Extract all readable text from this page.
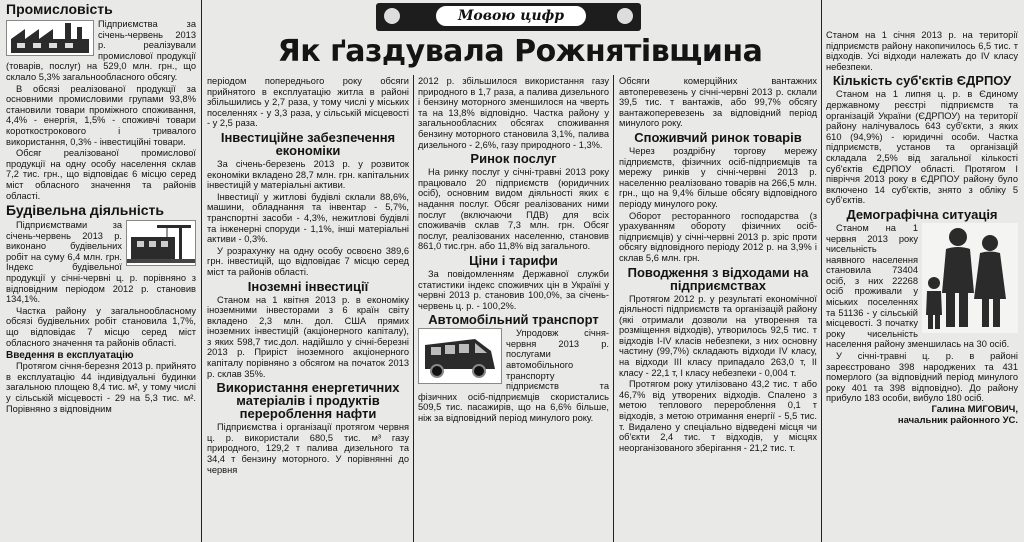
Мовою цифр
Як ґаздувала Рожнятівщина
Промисловість

Підприємства за січень-червень 2013 р. реалізували промислової продукції (товарів, послуг) на 529,0 млн. грн., що склало 5,3% загальнообласного обсягу.

В обсязі реалізованої продукції за основними промисловими групами 93,8% становили товари проміжного споживання, 4,4% - енергія, 1,5% - споживчі товари короткострокового і тривалого використання, 0,3% - інвестиційні товари.

Обсяг реалізованої промислової продукції на одну особу населення склав 7,2 тис. грн., що відповідає 6 місцю серед міст обласного значення та районів області.

Будівельна діяльність

Підприємствами за січень-червень 2013 р. виконано будівельних робіт на суму 6,4 млн. грн. Індекс будівельної продукції у січні-червні ц. р. порівняно з відповідним періодом 2012 р. становив 134,1%.

Частка району у загальнообласному обсязі будівельних робіт становила 1,7%, що відповідає 7 місцю серед міст обласного значення та районів області.

Введення в експлуатацію

Протягом січня-березня 2013 р. прийнято в експлуатацію 44 індивідуальні будинки загальною площею 8,4 тис. м², у тому числі у сільській місцевості - 29 на 5,3 тис. м². Порівняно з відповідним

періодом попереднього року обсяги прийнятого в експлуатацію житла в районі збільшились у 2,7 раза, у тому числі у міських поселеннях - у 3,3 раза, у сільській місцевості - у 2,5 раза.

Інвестиційне забезпечення економіки

За січень-березень 2013 р. у розвиток економіки вкладено 28,7 млн. грн. капітальних інвестицій у матеріальні активи.

Інвестиції у житлові будівлі склали 88,6%, машини, обладнання та інвентар - 5,7%, транспортні засоби - 4,3%, нежитлові будівлі та інженерні споруди - 1,1%, інші матеріальні активи - 0,3%.

У розрахунку на одну особу освоєно 389,6 грн. інвестицій, що відповідає 7 місцю серед міст та районів області.

Іноземні інвестиції

Станом на 1 квітня 2013 р. в економіку іноземними інвесторами з 6 країн світу вкладено 2,3 млн. дол. США прямих іноземних інвестицій (акціонерного капіталу), з яких 598,7 тис.дол. надійшло у січні-березні 2013 р. Приріст іноземного акціонерного капіталу порівняно з обсягом на початок 2013 р. склав 35%.

Використання енергетичних матеріалів і продуктів перероблення нафти

Підприємства і організації протягом червня ц. р. використали 680,5 тис. м³ газу природного, 129,2 т палива дизельного та 34,4 т бензину моторного. У порівнянні до червня

2012 р. збільшилося використання газу природного в 1,7 раза, а палива дизельного і бензину моторного зменшилося на чверть та на 13,8% відповідно. Частка району у загальнообласних обсягах споживання бензину моторного становила 3,1%, палива дизельного - 2,6%, газу природного - 1,3%.

Ринок послуг

На ринку послуг у січні-травні 2013 року працювало 20 підприємств (юридичних осіб), основним видом діяльності яких є надання послуг. Обсяг реалізованих ними послуг (включаючи ПДВ) для всіх споживачів склав 7,3 млн. грн. Обсяг послуг, реалізованих населенню, становив 861,0 тис.грн. або 11,8% від загального.

Ціни і тарифи

За повідомленням Державної служби статистики індекс споживчих цін в Україні у червні 2013 р. становив 100,0%, за січень-червень ц. р. - 100,2%.

Автомобільний транспорт

Упродовж січня-червня 2013 р. послугами автомобільного транспорту підприємств та фізичних осіб-підприємців скористались 509,5 тис. пасажирів, що на 6,6% більше, ніж за відповідний період минулого року.

Обсяги комерційних вантажних автоперевезень у січні-червні 2013 р. склали 39,5 тис. т вантажів, або 99,7% обсягу вантажоперевезень за відповідний період минулого року.

Споживчий ринок товарів

Через роздрібну торгову мережу підприємств, фізичних осіб-підприємців та мережу ринків у січні-червні 2013 р. населенню реалізовано товарів на 266,5 млн. грн., що на 9,4% більше обсягу відповідного періоду минулого року.

Оборот ресторанного господарства (з урахуванням обороту фізичних осіб-підприємців) у січні-червні 2013 р. зріс проти обсягу відповідного періоду 2012 р. на 3,9% і склав 5,6 млн. грн.

Поводження з відходами на підприємствах

Протягом 2012 р. у результаті економічної діяльності підприємств та організацій району (які отримали дозволи на утворення та розміщення відходів), утворилось 92,5 тис. т відходів І-ІV класів небезпеки, з них основну частину (99,7%) складають відходи ІV класу, на відходи ІІІ класу припадало 263,0 т, ІІ класу - 22,1 т, І класу небезпеки - 0,004 т.

Протягом року утилізовано 43,2 тис. т або 46,7% від утворених відходів. Спалено з метою теплового перероблення 0,1 т відходів, з метою отримання енергії - 5,5 тис. т. Видалено у спеціально відведені місця чи об'єкти 2,4 тис. т відходів, у місцях неорганізованого зберігання - 21,2 тис. т.

Станом на 1 січня 2013 р. на території підприємств району накопичилось 6,5 тис. т відходів. Усі відходи належать до ІV класу небезпеки.

Кількість суб'єктів ЄДРПОУ

Станом на 1 липня ц. р. в Єдиному державному реєстрі підприємств та організацій України (ЄДРПОУ) на території району налічувалось 643 суб'єкти, з яких 610 (94,9%) - юридичні особи. Частка підприємств, установ та організацій складала 2,5% від загальної кількості суб'єктів ЄДРПОУ області. Протягом І півріччя 2013 року в ЄДРПОУ району було включено 14 суб'єктів, знято з обліку 5 суб'єктів.

Демографічна ситуація

Станом на 1 червня 2013 року чисельність наявного населення становила 73404 осіб, з них 22268 осіб проживали у міських поселеннях та 51136 - у сільській місцевості. З початку року чисельність населення району зменшилась на 30 осіб.

У січні-травні ц. р. в районі зареєстровано 398 народжених та 431 померлого (за відповідний період минулого року 401 та 398 відповідно). До району прибуло 183 особи, вибуло 180 осіб.

Галина МИГОВИЧ,
начальник районного УС.
